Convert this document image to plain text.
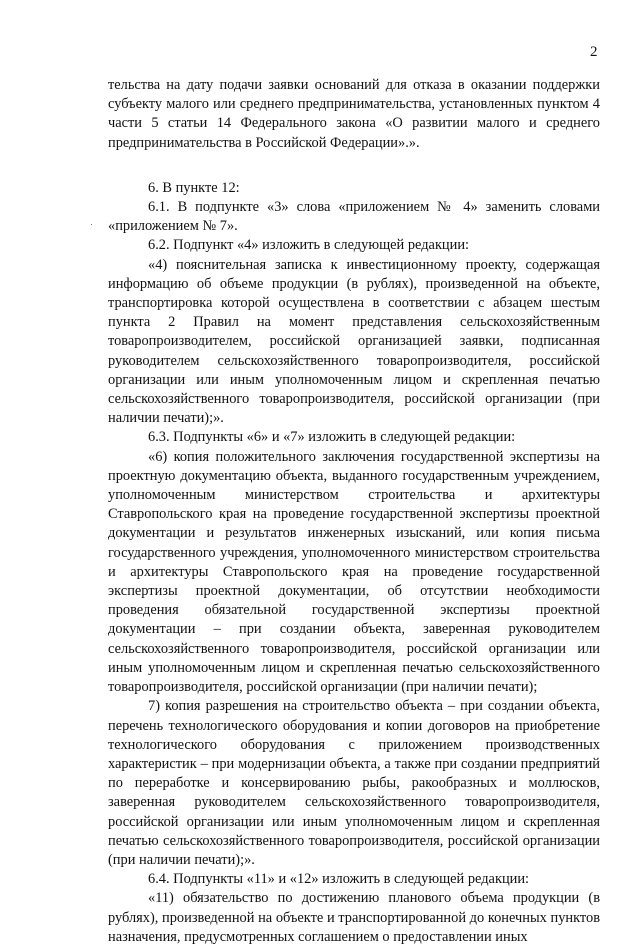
2

тельства на дату подачи заявки оснований для отказа в оказании поддержки субъекту малого или среднего предпринимательства, установленных пунктом 4 части 5 статьи 14 Федерального закона «О развитии малого и среднего предпринимательства в Российской Федерации».».

6. В пункте 12:

6.1. В подпункте «3» слова «приложением № 4» заменить словами «приложением № 7».

6.2. Подпункт «4» изложить в следующей редакции:

«4) пояснительная записка к инвестиционному проекту, содержащая информацию об объеме продукции (в рублях), произведенной на объекте, транспортировка которой осуществлена в соответствии с абзацем шестым пункта 2 Правил на момент представления сельскохозяйственным товаропроизводителем, российской организацией заявки, подписанная руководителем сельскохозяйственного товаропроизводителя, российской организации или иным уполномоченным лицом и скрепленная печатью сельскохозяйственного товаропроизводителя, российской организации (при наличии печати);».

6.3. Подпункты «6» и «7» изложить в следующей редакции:

«6) копия положительного заключения государственной экспертизы на проектную документацию объекта, выданного государственным учреждением, уполномоченным министерством строительства и архитектуры Ставропольского края на проведение государственной экспертизы проектной документации и результатов инженерных изысканий, или копия письма государственного учреждения, уполномоченного министерством строительства и архитектуры Ставропольского края на проведение государственной экспертизы проектной документации, об отсутствии необходимости проведения обязательной государственной экспертизы проектной документации – при создании объекта, заверенная руководителем сельскохозяйственного товаропроизводителя, российской организации или иным уполномоченным лицом и скрепленная печатью сельскохозяйственного товаропроизводителя, российской организации (при наличии печати);

7) копия разрешения на строительство объекта – при создании объекта, перечень технологического оборудования и копии договоров на приобретение технологического оборудования с приложением производственных характеристик – при модернизации объекта, а также при создании предприятий по переработке и консервированию рыбы, ракообразных и моллюсков, заверенная руководителем сельскохозяйственного товаропроизводителя, российской организации или иным уполномоченным лицом и скрепленная печатью сельскохозяйственного товаропроизводителя, российской организации (при наличии печати);».

6.4. Подпункты «11» и «12» изложить в следующей редакции:

«11) обязательство по достижению планового объема продукции (в рублях), произведенной на объекте и транспортированной до конечных пунктов назначения, предусмотренных соглашением о предоставлении иных
